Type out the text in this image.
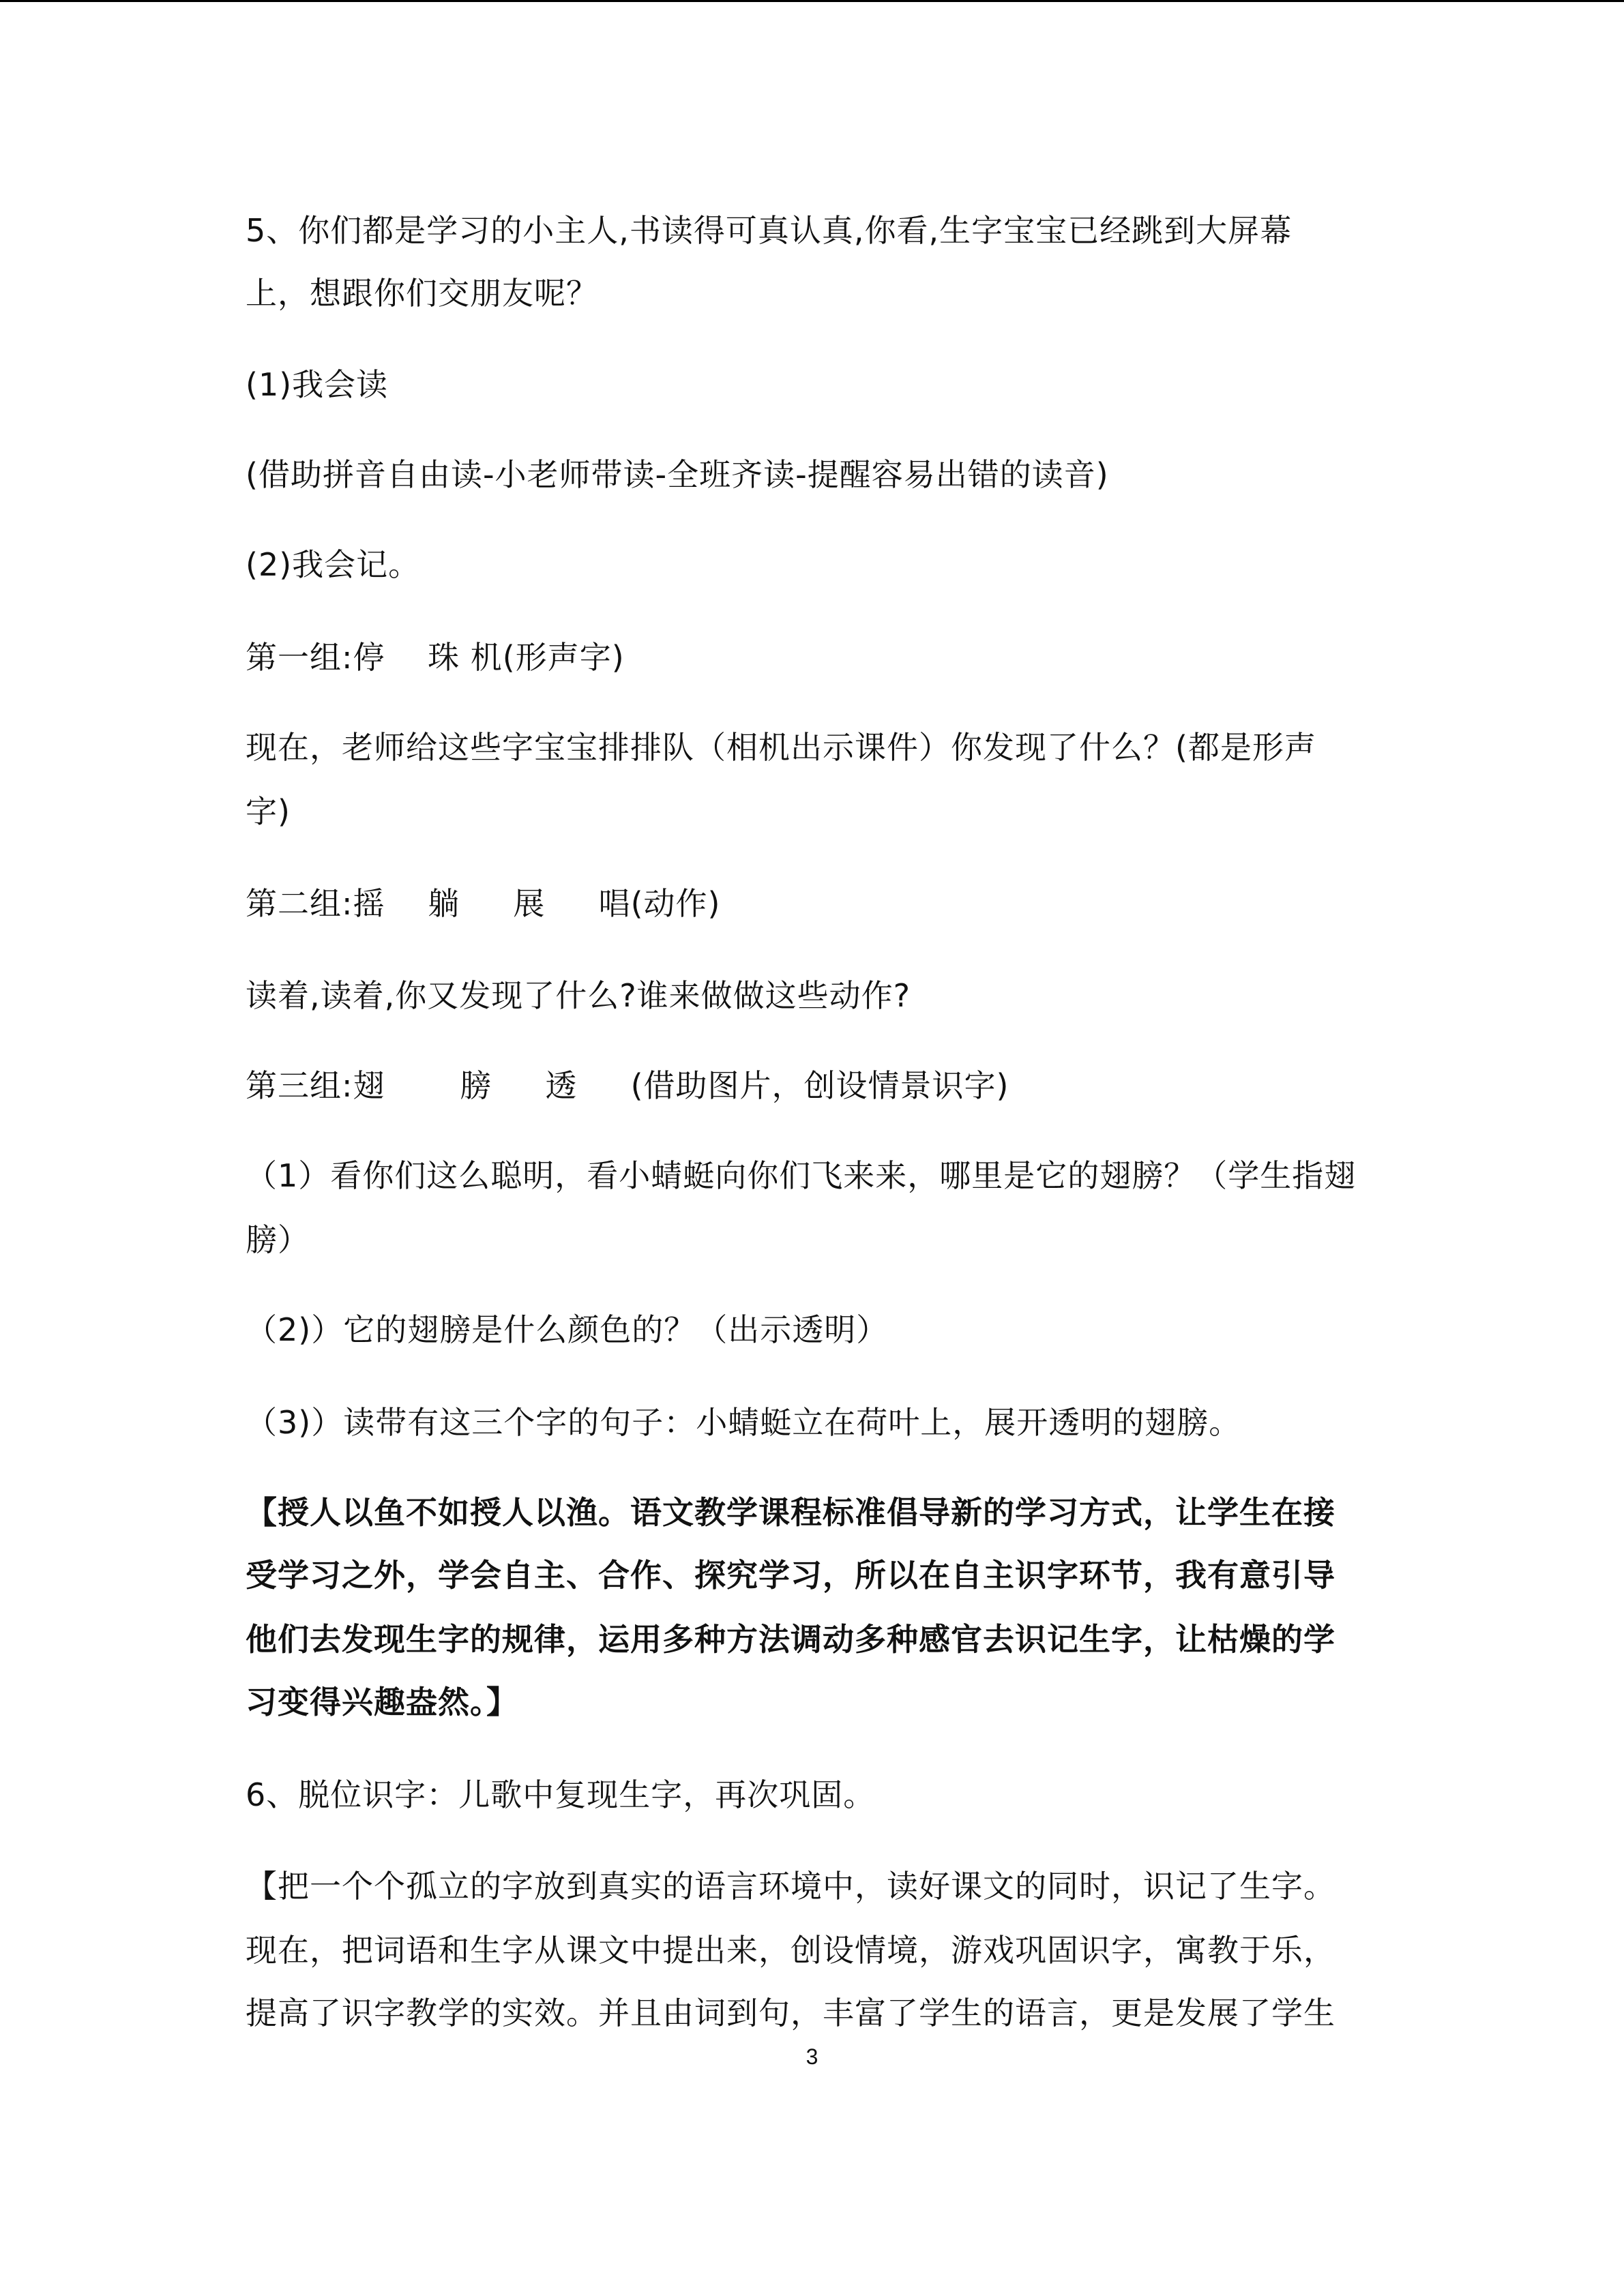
5、你们都是学习的小主人,书读得可真认真,你看,生字宝宝已经跳到大屏幕
上，想跟你们交朋友呢？
(1)我会读
(借助拼音自由读-小老师带读-全班齐读-提醒容易出错的读音)
(2)我会记。
第一组:停　 珠 机(形声字)
现在，老师给这些字宝宝排排队（相机出示课件）你发现了什么？(都是形声
字)
第二组:摇　 躺 　 展 　 唱(动作)
读着,读着,你又发现了什么?谁来做做这些动作?
第三组:翅 　　膀 　 透 　 (借助图片，创设情景识字)
（1）看你们这么聪明，看小蜻蜓向你们飞来来，哪里是它的翅膀？（学生指翅
膀）
（2)）它的翅膀是什么颜色的？（出示透明）
（3)）读带有这三个字的句子：小蜻蜓立在荷叶上，展开透明的翅膀。
【授人以鱼不如授人以渔。语文教学课程标准倡导新的学习方式，让学生在接
受学习之外，学会自主、合作、探究学习，所以在自主识字环节，我有意引导
他们去发现生字的规律，运用多种方法调动多种感官去识记生字，让枯燥的学
习变得兴趣盎然。】
6、脱位识字：儿歌中复现生字，再次巩固。
【把一个个孤立的字放到真实的语言环境中，读好课文的同时，识记了生字。
现在，把词语和生字从课文中提出来，创设情境，游戏巩固识字，寓教于乐，
提高了识字教学的实效。并且由词到句，丰富了学生的语言，更是发展了学生
3
